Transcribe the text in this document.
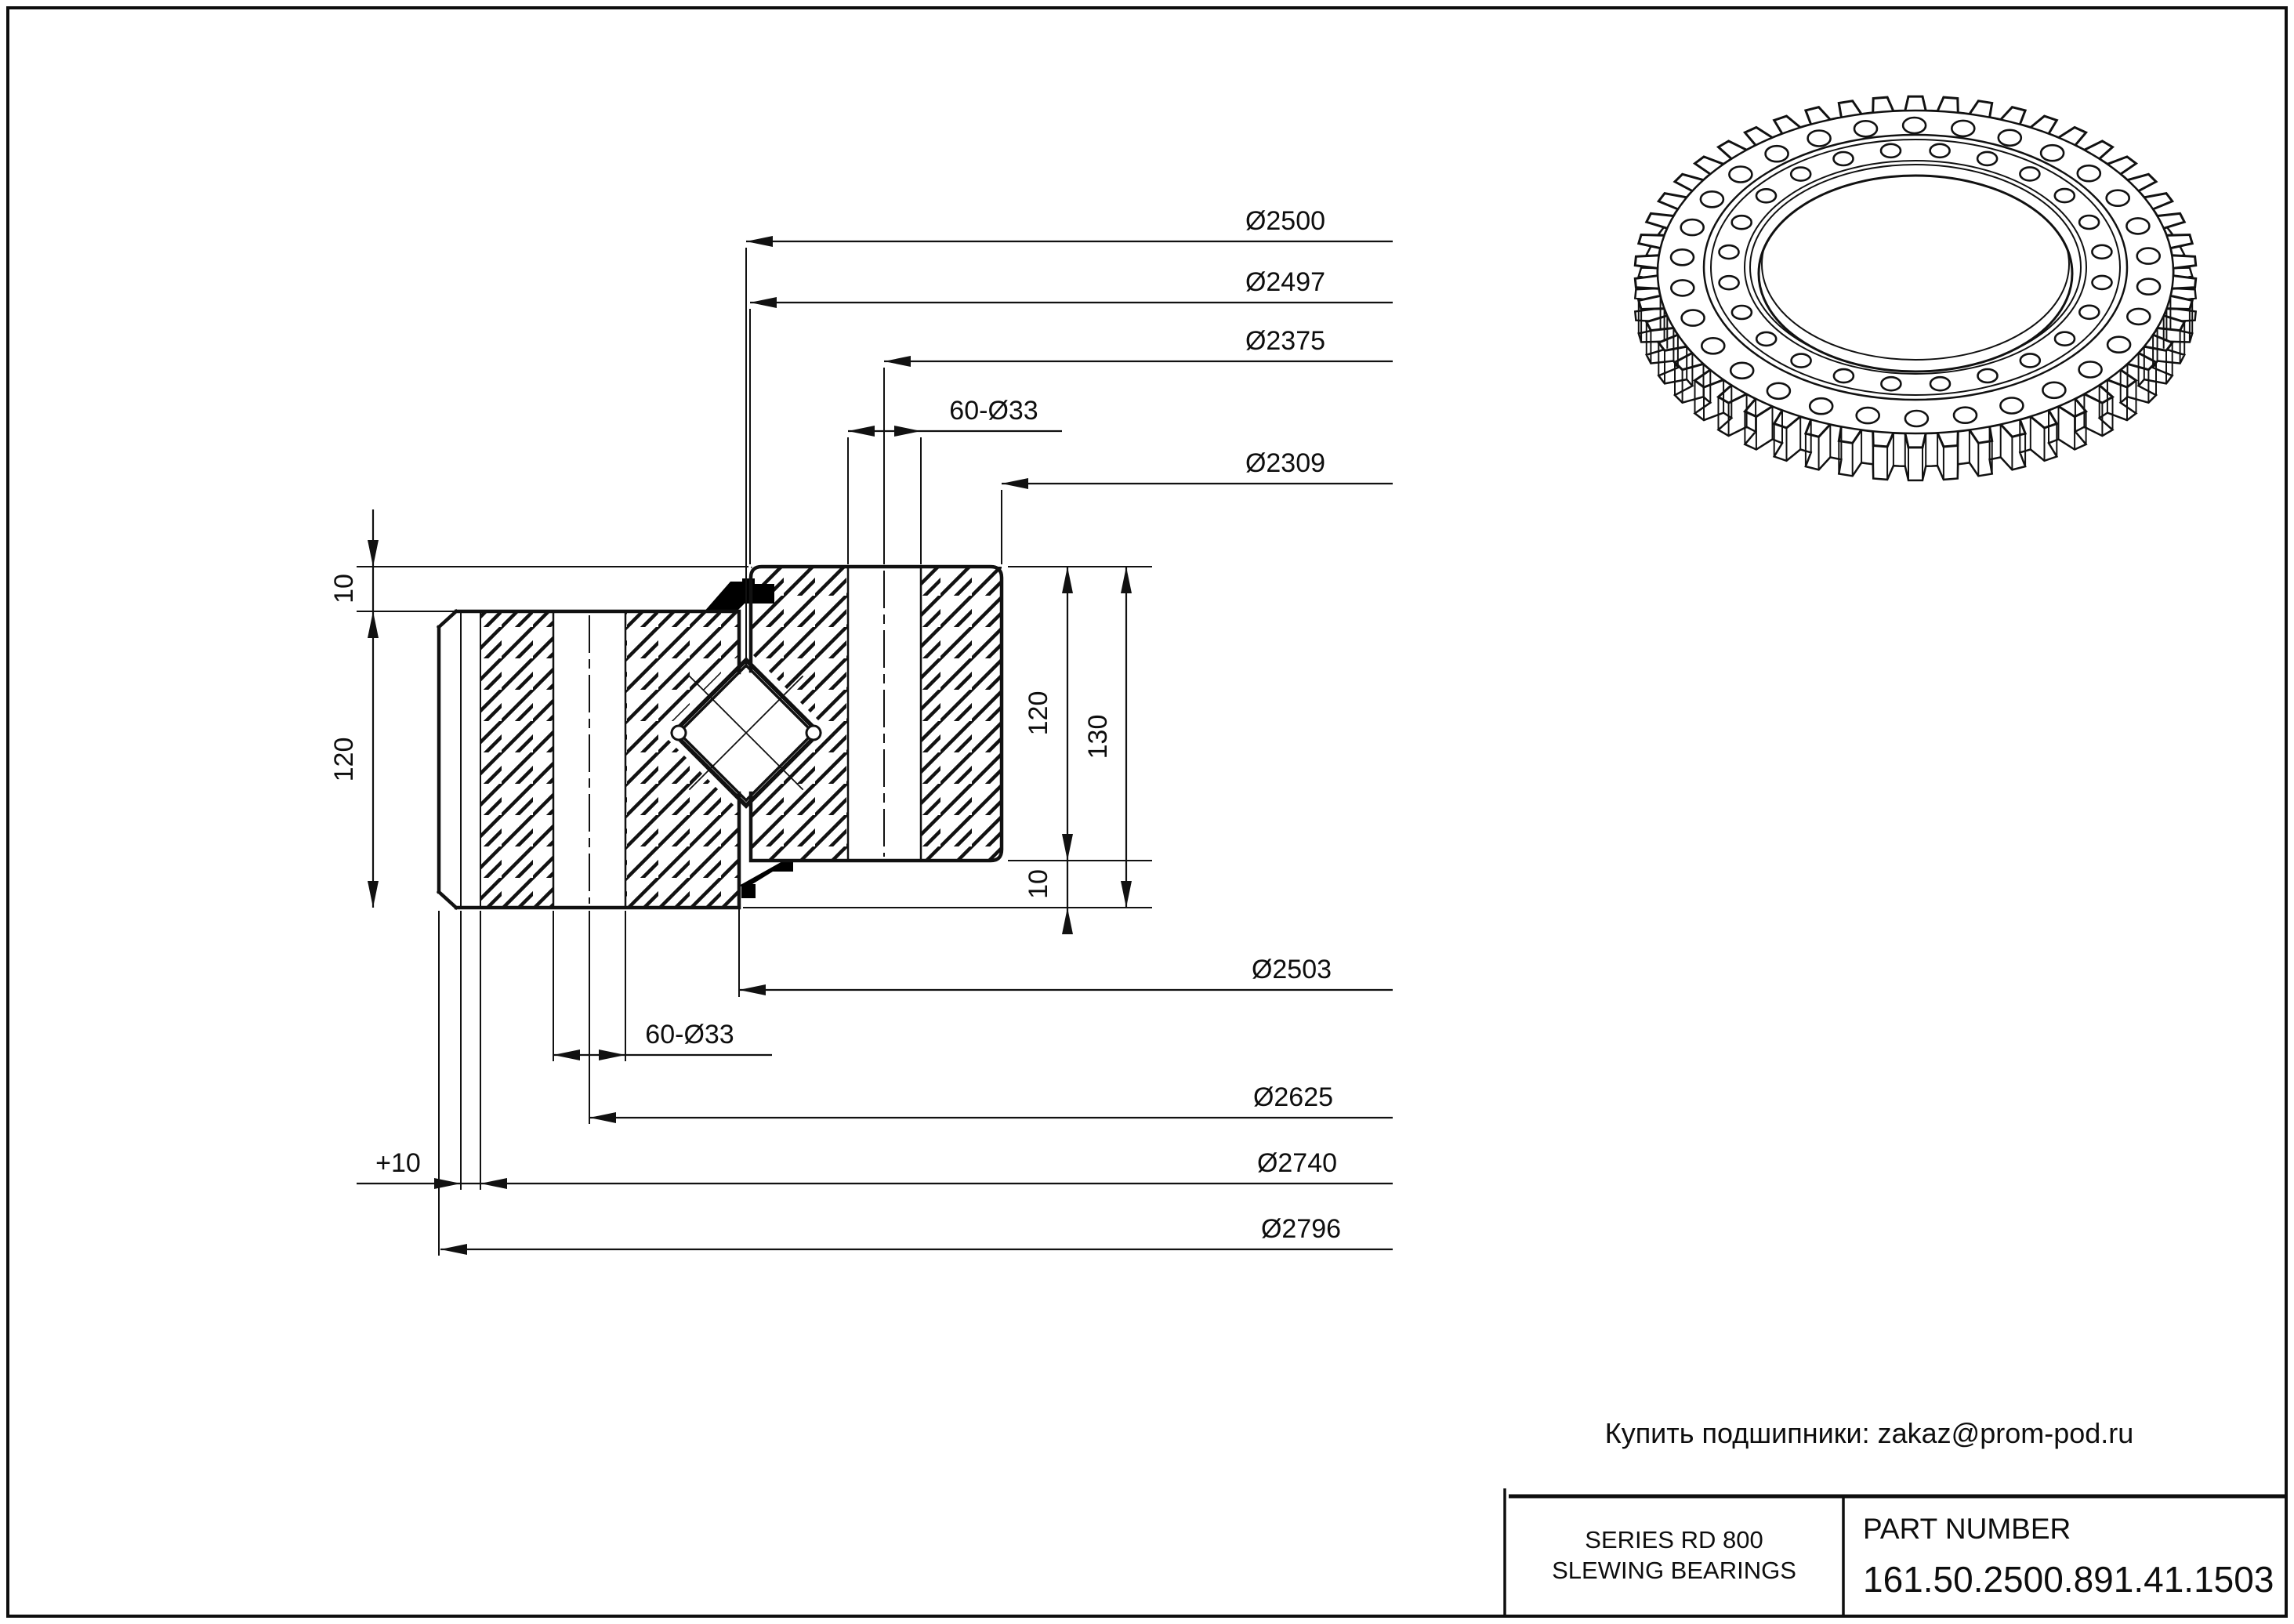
Ø2500
Ø2497
Ø2375
60-Ø33
Ø2309
Ø2503
60-Ø33
Ø2625
Ø2740
+10
Ø2796
10
120
120
130
10
Купить подшипники: zakaz@prom-pod.ru
SERIES RD 800
SLEWING BEARINGS
PART NUMBER
161.50.2500.891.41.1503
